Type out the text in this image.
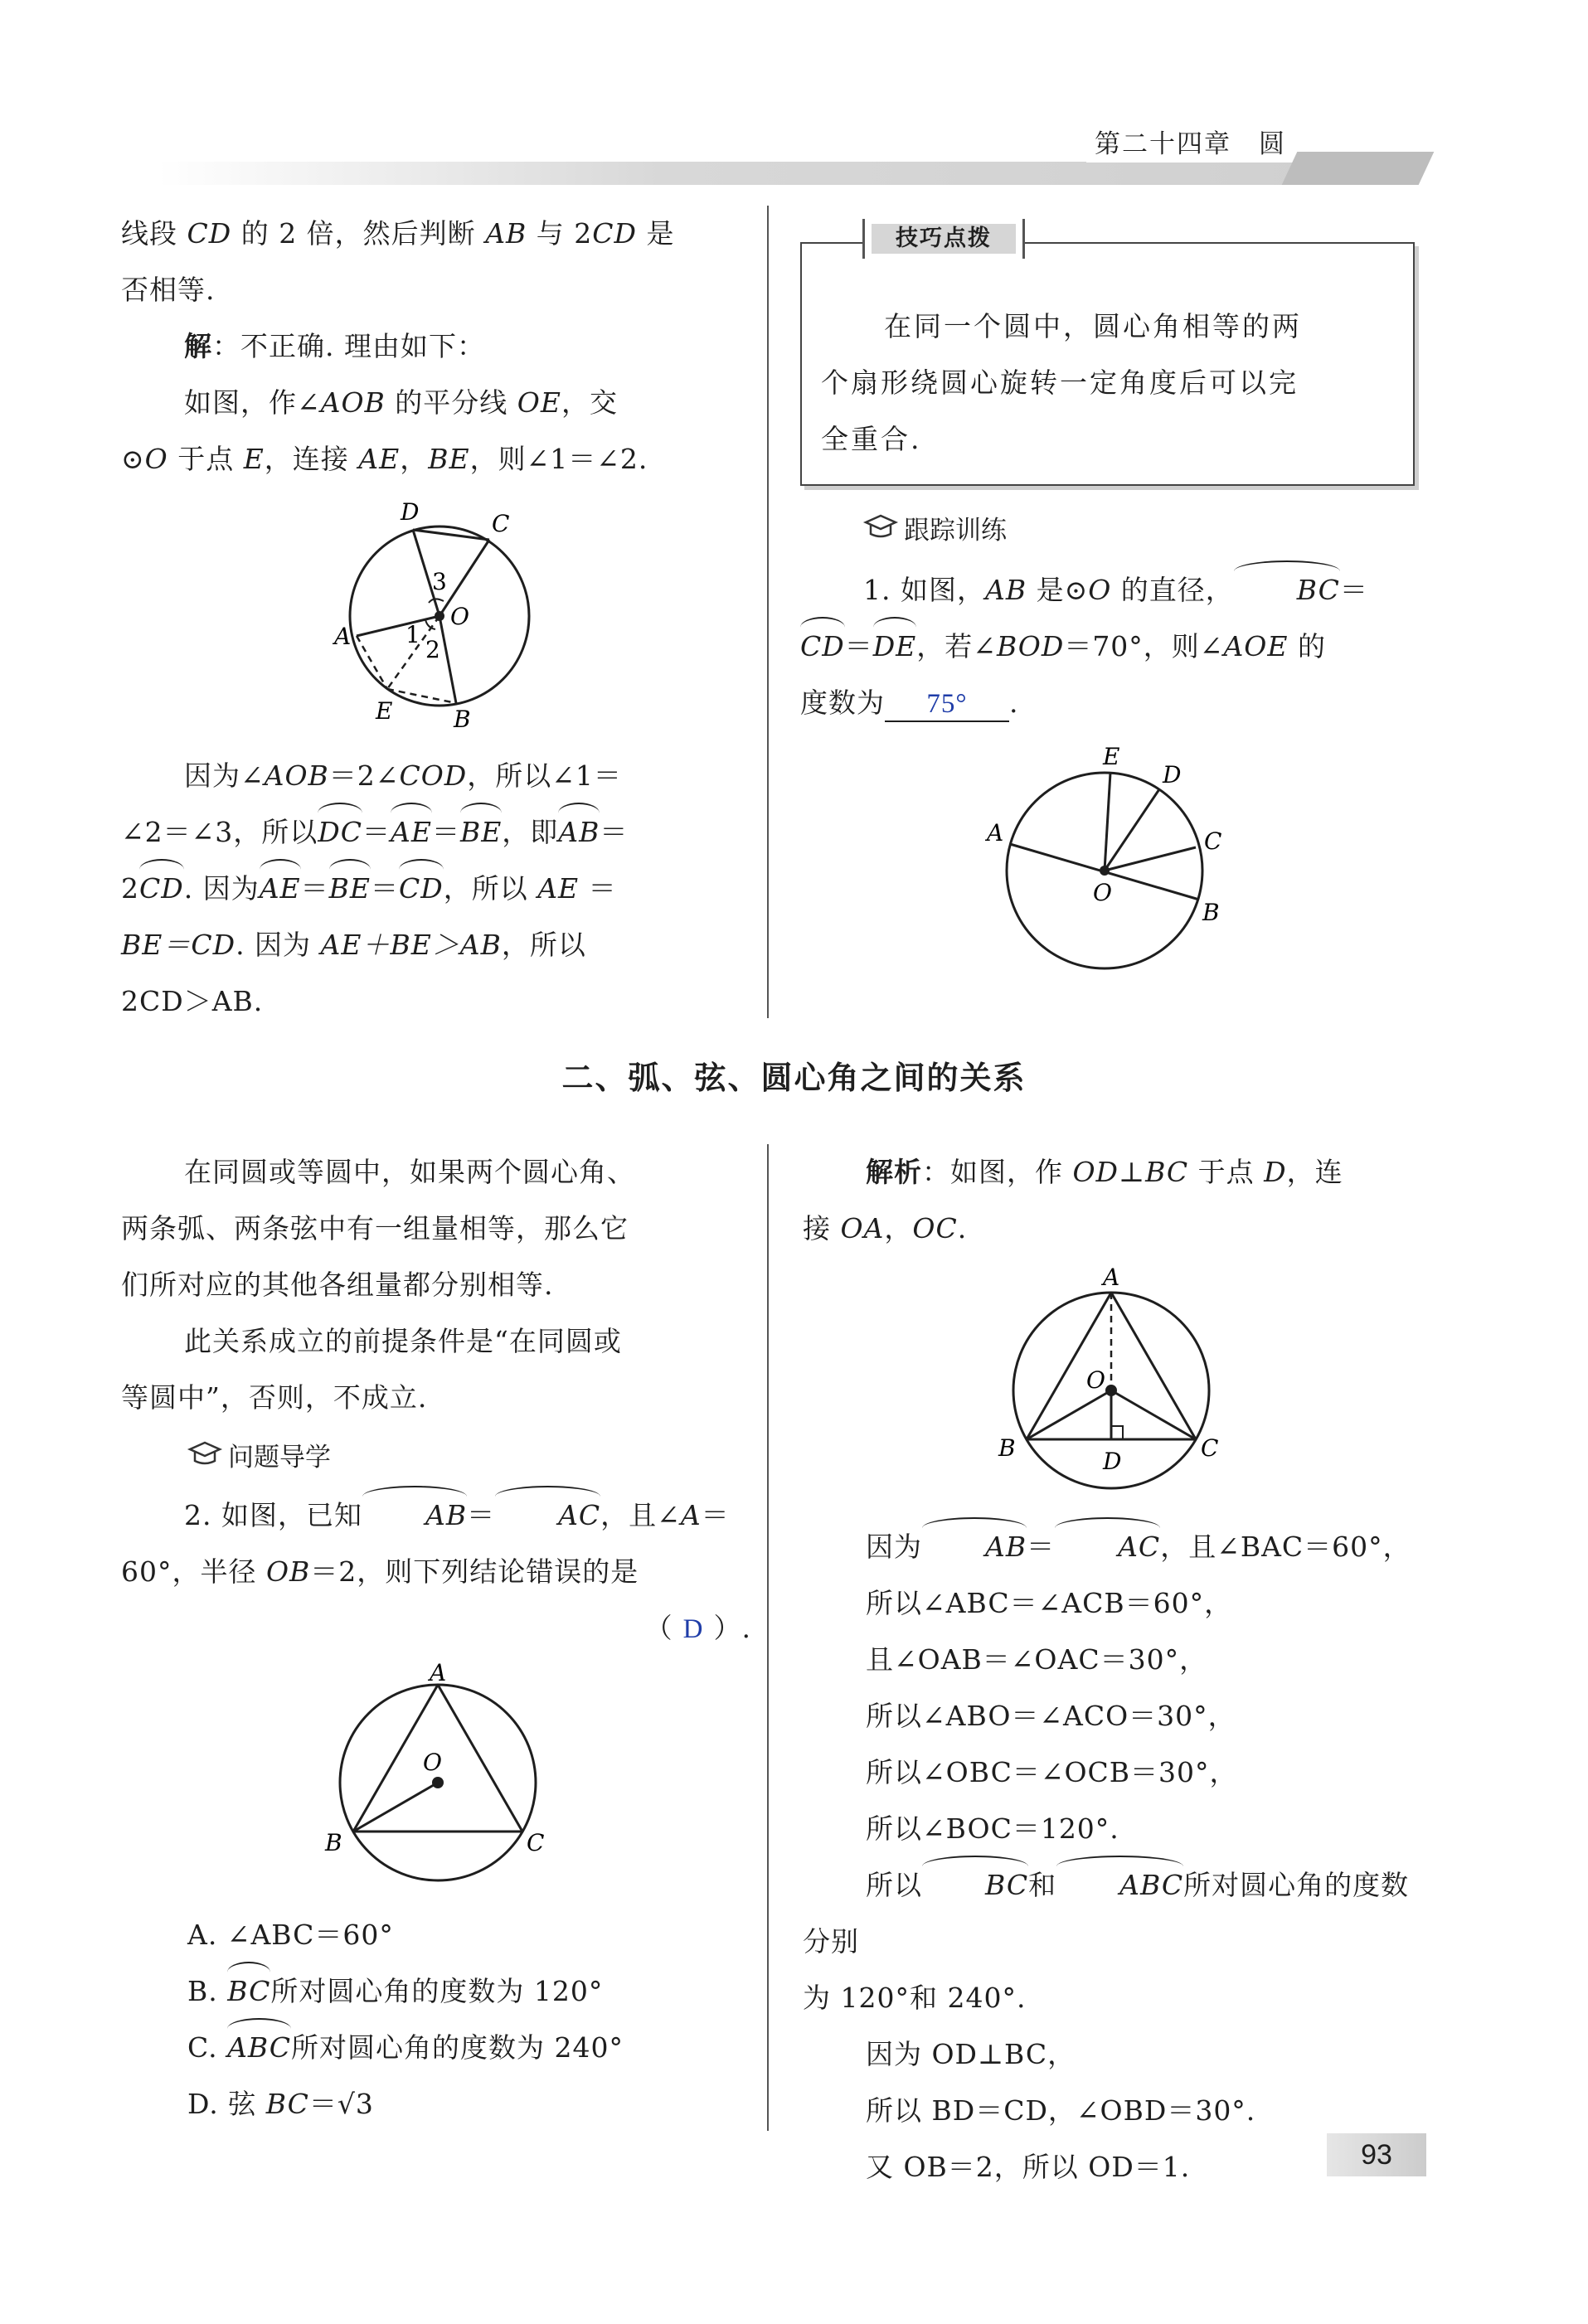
第二十四章　圆

线段 CD 的 2 倍，然后判断 AB 与 2CD 是

否相等.

解：不正确. 理由如下：

如图，作∠AOB 的平分线 OE，交

⊙O 于点 E，连接 AE，BE，则∠1＝∠2.

D	C
O
A
E	B
3
1
2

因为∠AOB＝2∠COD，所以∠1＝

∠2＝∠3，所以DC＝AE＝BE，即AB＝

2CD. 因为AE＝BE＝CD，所以 AE ＝

BE＝CD. 因为 AE＋BE＞AB，所以

2CD＞AB.

技巧点拨

在同一个圆中，圆心角相等的两

个扇形绕圆心旋转一定角度后可以完

全重合.

跟踪训练

1. 如图，AB 是⊙O 的直径， BC＝

CD＝DE，若∠BOD＝70°，则∠AOE 的

度数为 75° .

E
D
A	C
O
B
二、弧、弦、圆心角之间的关系

在同圆或等圆中，如果两个圆心角、

两条弧、两条弦中有一组量相等，那么它

们所对应的其他各组量都分别相等.

此关系成立的前提条件是“在同圆或

等圆中”，否则，不成立.

问题导学

2. 如图，已知 AB＝ AC，且∠A＝

60°，半径 OB＝2，则下列结论错误的是

（ D ）.

A
O
B	C

A. ∠ABC＝60°

B. BC所对圆心角的度数为 120°

C. ABC所对圆心角的度数为 240°

D. 弦 BC＝√3

解析：如图，作 OD⊥BC 于点 D，连

接 OA，OC.

A
O
B	C
D

因为 AB＝ AC，且∠BAC＝60°，

所以∠ABC＝∠ACB＝60°，

且∠OAB＝∠OAC＝30°，

所以∠ABO＝∠ACO＝30°，

所以∠OBC＝∠OCB＝30°，

所以∠BOC＝120°.

所以 BC和 ABC所对圆心角的度数分别

为 120°和 240°.

因为 OD⊥BC，

所以 BD＝CD，∠OBD＝30°.

又 OB＝2，所以 OD＝1.	93
